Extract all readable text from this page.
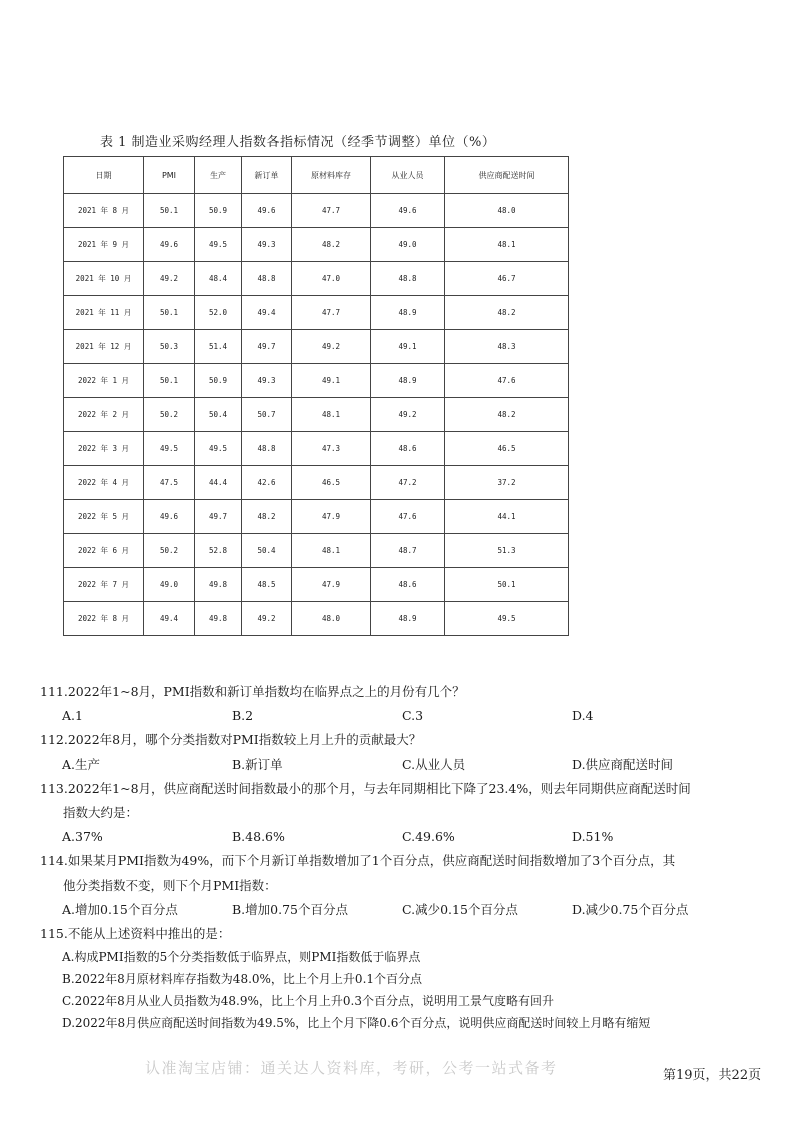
表 1 制造业采购经理人指数各指标情况（经季节调整）单位（%）
日期	PMI	生产	新订单	原材料库存	从业人员	供应商配送时间
2021 年 8 月	50.1	50.9	49.6	47.7	49.6	48.0
2021 年 9 月	49.6	49.5	49.3	48.2	49.0	48.1
2021 年 10 月	49.2	48.4	48.8	47.0	48.8	46.7
2021 年 11 月	50.1	52.0	49.4	47.7	48.9	48.2
2021 年 12 月	50.3	51.4	49.7	49.2	49.1	48.3
2022 年 1 月	50.1	50.9	49.3	49.1	48.9	47.6
2022 年 2 月	50.2	50.4	50.7	48.1	49.2	48.2
2022 年 3 月	49.5	49.5	48.8	47.3	48.6	46.5
2022 年 4 月	47.5	44.4	42.6	46.5	47.2	37.2
2022 年 5 月	49.6	49.7	48.2	47.9	47.6	44.1
2022 年 6 月	50.2	52.8	50.4	48.1	48.7	51.3
2022 年 7 月	49.0	49.8	48.5	47.9	48.6	50.1
2022 年 8 月	49.4	49.8	49.2	48.0	48.9	49.5

111.2022年1~8月，PMI指数和新订单指数均在临界点之上的月份有几个？

A.1	B.2	C.3	D.4

112.2022年8月，哪个分类指数对PMI指数较上月上升的贡献最大？

A.生产	B.新订单	C.从业人员	D.供应商配送时间

113.2022年1~8月，供应商配送时间指数最小的那个月，与去年同期相比下降了23.4%，则去年同期供应商配送时间

指数大约是：

A.37%	B.48.6%	C.49.6%	D.51%

114.如果某月PMI指数为49%，而下个月新订单指数增加了1个百分点，供应商配送时间指数增加了3个百分点，其

他分类指数不变，则下个月PMI指数：

A.增加0.15个百分点	B.增加0.75个百分点	C.减少0.15个百分点	D.减少0.75个百分点

115.不能从上述资料中推出的是：

A.构成PMI指数的5个分类指数低于临界点，则PMI指数低于临界点

B.2022年8月原材料库存指数为48.0%，比上个月上升0.1个百分点

C.2022年8月从业人员指数为48.9%，比上个月上升0.3个百分点，说明用工景气度略有回升

D.2022年8月供应商配送时间指数为49.5%，比上个月下降0.6个百分点，说明供应商配送时间较上月略有缩短

认准淘宝店铺：通关达人资料库，考研，公考一站式备考	第19页，共22页
